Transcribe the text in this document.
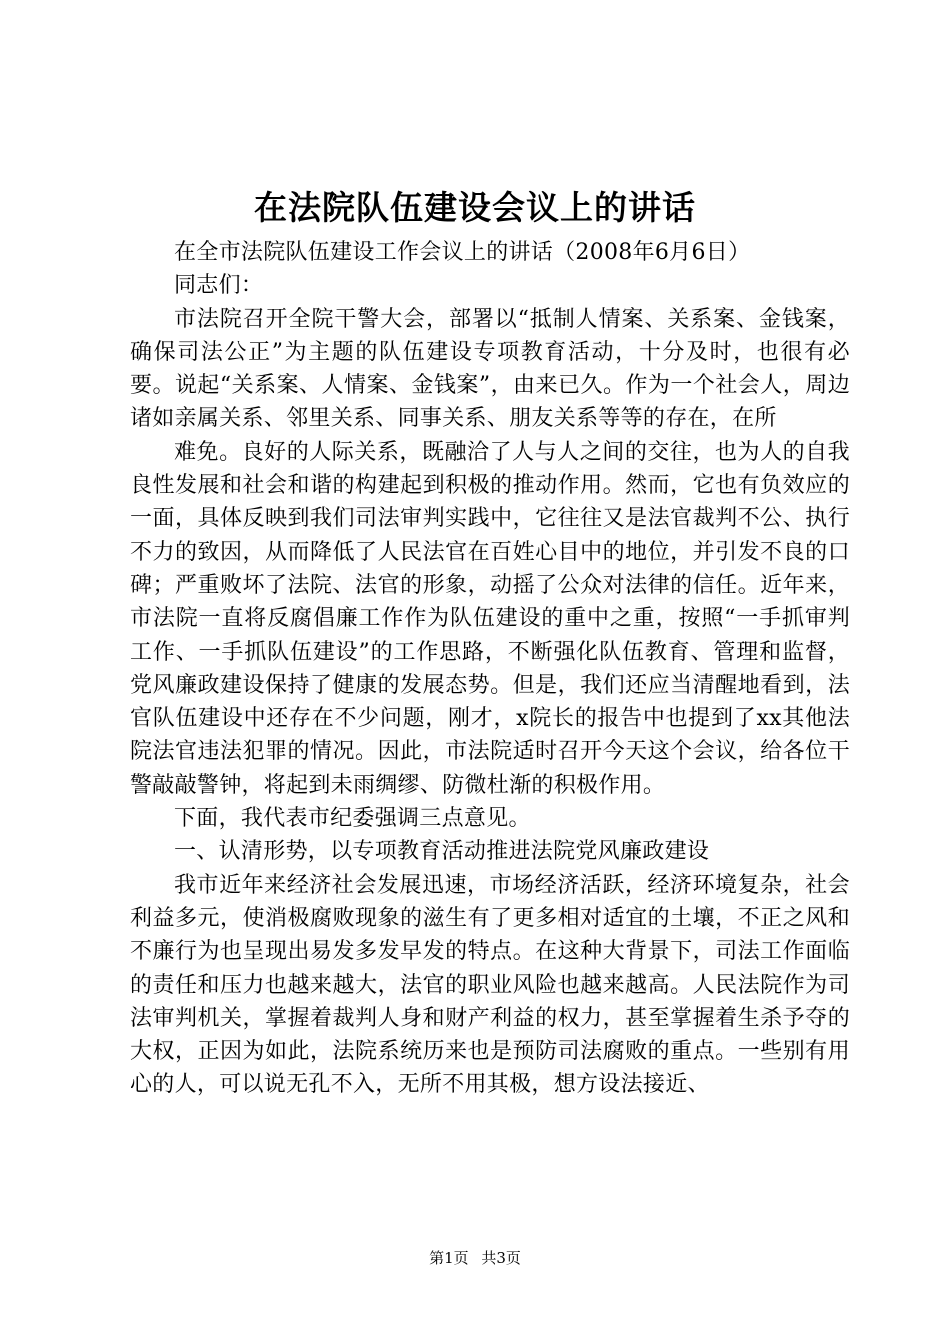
在法院队伍建设会议上的讲话

在全市法院队伍建设工作会议上的讲话（2008年6月6日）

同志们：

市法院召开全院干警大会，部署以“抵制人情案、关系案、金钱案，确保司法公正”为主题的队伍建设专项教育活动，十分及时，也很有必要。说起“关系案、人情案、金钱案”，由来已久。作为一个社会人，周边诸如亲属关系、邻里关系、同事关系、朋友关系等等的存在，在所

难免。良好的人际关系，既融洽了人与人之间的交往，也为人的自我良性发展和社会和谐的构建起到积极的推动作用。然而，它也有负效应的一面，具体反映到我们司法审判实践中，它往往又是法官裁判不公、执行不力的致因，从而降低了人民法官在百姓心目中的地位，并引发不良的口碑；严重败坏了法院、法官的形象，动摇了公众对法律的信任。近年来，市法院一直将反腐倡廉工作作为队伍建设的重中之重，按照“一手抓审判工作、一手抓队伍建设”的工作思路，不断强化队伍教育、管理和监督，党风廉政建设保持了健康的发展态势。但是，我们还应当清醒地看到，法官队伍建设中还存在不少问题，刚才，x院长的报告中也提到了xx其他法院法官违法犯罪的情况。因此，市法院适时召开今天这个会议，给各位干警敲敲警钟，将起到未雨绸缪、防微杜渐的积极作用。

下面，我代表市纪委强调三点意见。

一、认清形势，以专项教育活动推进法院党风廉政建设

我市近年来经济社会发展迅速，市场经济活跃，经济环境复杂，社会利益多元，使消极腐败现象的滋生有了更多相对适宜的土壤，不正之风和不廉行为也呈现出易发多发早发的特点。在这种大背景下，司法工作面临的责任和压力也越来越大，法官的职业风险也越来越高。人民法院作为司法审判机关，掌握着裁判人身和财产利益的权力，甚至掌握着生杀予夺的大权，正因为如此，法院系统历来也是预防司法腐败的重点。一些别有用心的人，可以说无孔不入，无所不用其极，想方设法接近、

第1页 共3页
